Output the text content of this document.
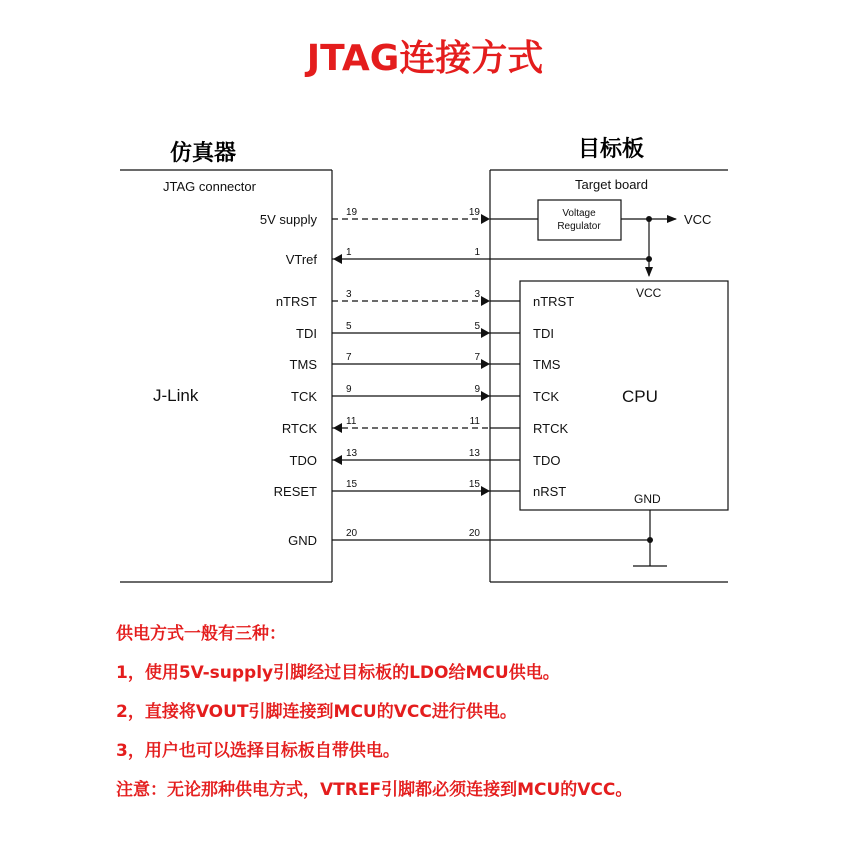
JTAG连接方式
仿真器	目标板
JTAG connector	Target board
J-Link
Voltage
Regulator	VCC
VCC
CPU
GND
5V supply	19	19
VTref	1	1
nTRST	3	3	nTRST
TDI	5	5	TDI
TMS	7	7	TMS
TCK	9	9	TCK
RTCK	11	11	RTCK
TDO	13	13	TDO
RESET	15	15	nRST
GND	20	20
供电方式一般有三种：
1，使用5V-supply引脚经过目标板的LDO给MCU供电。
2，直接将VOUT引脚连接到MCU的VCC进行供电。
3，用户也可以选择目标板自带供电。
注意：无论那种供电方式，VTREF引脚都必须连接到MCU的VCC。
